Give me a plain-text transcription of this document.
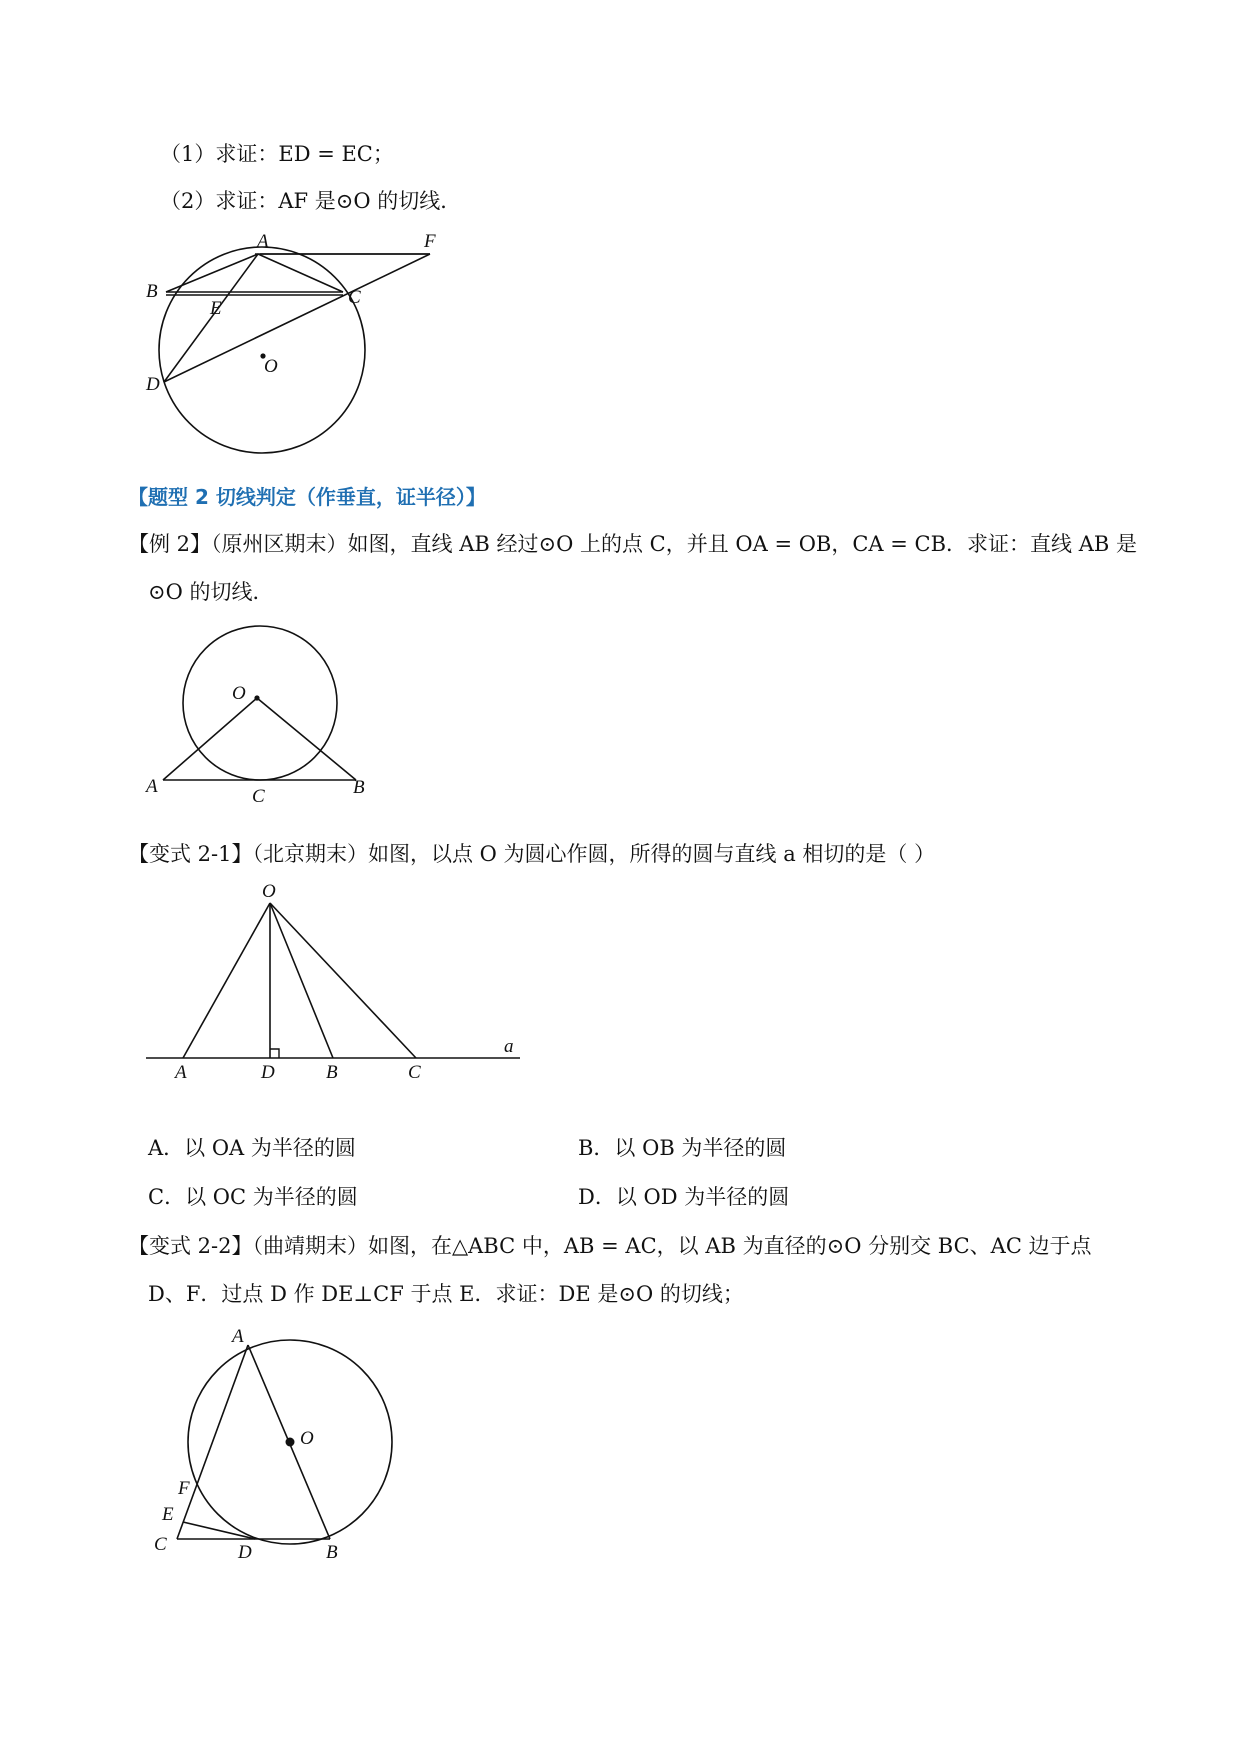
（1）求证：ED = EC；
（2）求证：AF 是⊙O 的切线．
A	F
B
E
C
O
D
【题型 2 切线判定（作垂直，证半径）】
【例 2】（原州区期末）如图，直线 AB 经过⊙O 上的点 C，并且 OA = OB，CA = CB．求证：直线 AB 是
⊙O 的切线．
O
A	C	B
【变式 2-1】（北京期末）如图，以点 O 为圆心作圆，所得的圆与直线 a 相切的是（ ）
O
a
A	D	B	C
A．以 OA 为半径的圆	B．以 OB 为半径的圆
C．以 OC 为半径的圆	D．以 OD 为半径的圆
【变式 2-2】（曲靖期末）如图，在△ABC 中，AB = AC，以 AB 为直径的⊙O 分别交 BC、AC 边于点
D、F．过点 D 作 DE⊥CF 于点 E．求证：DE 是⊙O 的切线；
A
O
F
E
C	D	B
